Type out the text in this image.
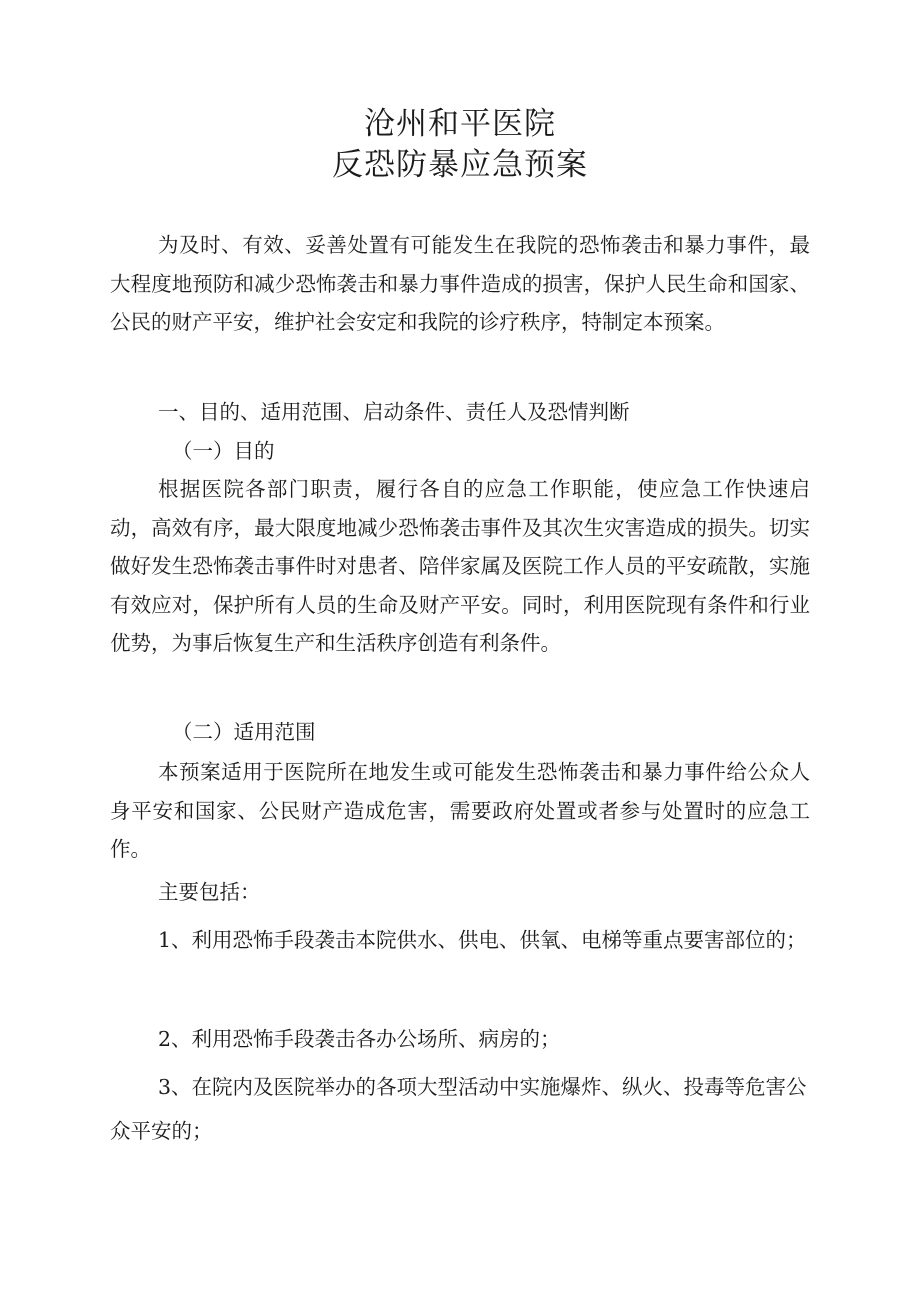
沧州和平医院
反恐防暴应急预案

为及时、有效、妥善处置有可能发生在我院的恐怖袭击和暴力事件，最大程度地预防和减少恐怖袭击和暴力事件造成的损害，保护人民生命和国家、公民的财产平安，维护社会安定和我院的诊疗秩序，特制定本预案。

一、目的、适用范围、启动条件、责任人及恐情判断

（一）目的

根据医院各部门职责，履行各自的应急工作职能，使应急工作快速启动，高效有序，最大限度地减少恐怖袭击事件及其次生灾害造成的损失。切实做好发生恐怖袭击事件时对患者、陪伴家属及医院工作人员的平安疏散，实施有效应对，保护所有人员的生命及财产平安。同时，利用医院现有条件和行业优势，为事后恢复生产和生活秩序创造有利条件。

（二）适用范围

本预案适用于医院所在地发生或可能发生恐怖袭击和暴力事件给公众人身平安和国家、公民财产造成危害，需要政府处置或者参与处置时的应急工作。

主要包括：

1、利用恐怖手段袭击本院供水、供电、供氧、电梯等重点要害部位的；

2、利用恐怖手段袭击各办公场所、病房的；

3、在院内及医院举办的各项大型活动中实施爆炸、纵火、投毒等危害公众平安的；
